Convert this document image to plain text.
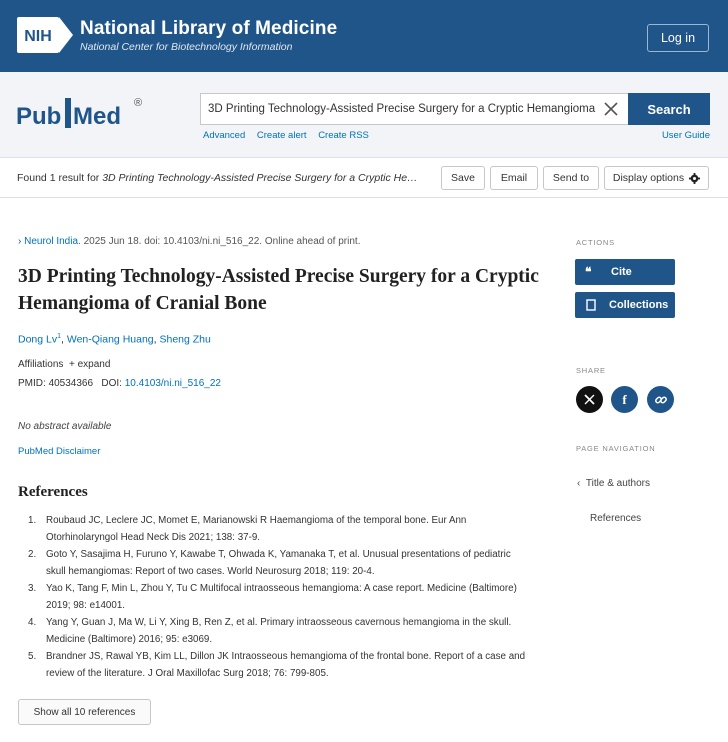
NIH National Library of Medicine
National Center for Biotechnology Information
Log in
Pub Med ®
3D Printing Technology-Assisted Precise Surgery for a Cryptic Hemangioma o	Search
Advanced Create alert Create RSS	User Guide
Found 1 result for 3D Printing Technology-Assisted Precise Surgery for a Cryptic He…	Save	Email	Send to	Display options
› Neurol India. 2025 Jun 18. doi: 10.4103/ni.ni_516_22. Online ahead of print.
3D Printing Technology-Assisted Precise Surgery for a Cryptic Hemangioma of Cranial Bone
Dong Lv$^1$, Wen-Qiang Huang, Sheng Zhu
Affiliations + expand
PMID: 40534366 DOI: 10.4103/ni.ni_516_22
No abstract available
PubMed Disclaimer
References
1. Roubaud JC, Leclere JC, Momet E, Marianowski R Haemangioma of the temporal bone. Eur Ann Otorhinolaryngol Head Neck Dis 2021; 138: 37-9.
2. Goto Y, Sasajima H, Furuno Y, Kawabe T, Ohwada K, Yamanaka T, et al. Unusual presentations of pediatric skull hemangiomas: Report of two cases. World Neurosurg 2018; 119: 20-4.
3. Yao K, Tang F, Min L, Zhou Y, Tu C Multifocal intraosseous hemangioma: A case report. Medicine (Baltimore) 2019; 98: e14001.
4. Yang Y, Guan J, Ma W, Li Y, Xing B, Ren Z, et al. Primary intraosseous cavernous hemangioma in the skull. Medicine (Baltimore) 2016; 95: e3069.
5. Brandner JS, Rawal YB, Kim LL, Dillon JK Intraosseous hemangioma of the frontal bone. Report of a case and review of the literature. J Oral Maxillofac Surg 2018; 76: 799-805.
Show all 10 references
ACTIONS
❝	Cite
Collections
SHARE
f
PAGE NAVIGATION
‹  Title & authors
References
